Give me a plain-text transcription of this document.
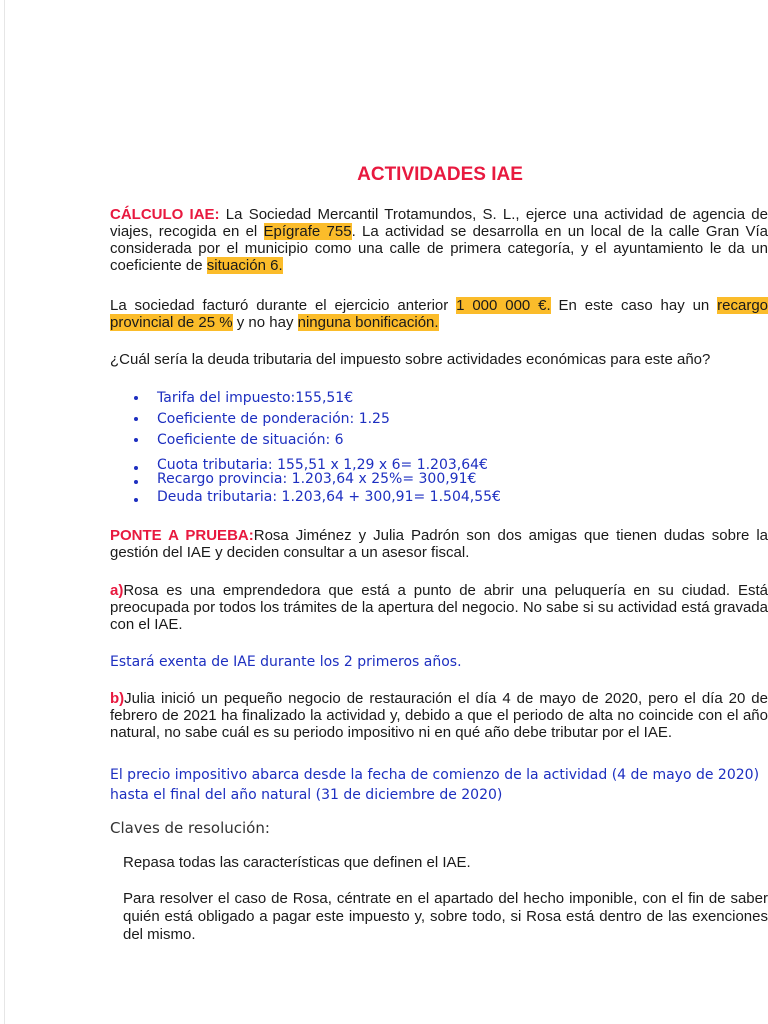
ACTIVIDADES IAE
CÁLCULO IAE: La Sociedad Mercantil Trotamundos, S. L., ejerce una actividad de agencia de viajes, recogida en el Epígrafe 755. La actividad se desarrolla en un local de la calle Gran Vía considerada por el municipio como una calle de primera categoría, y el ayuntamiento le da un coeficiente de situación 6.
La sociedad facturó durante el ejercicio anterior 1 000 000 €. En este caso hay un recargo provincial de 25 % y no hay ninguna bonificación.
¿Cuál sería la deuda tributaria del impuesto sobre actividades económicas para este año?
Tarifa del impuesto:155,51€
Coeficiente de ponderación: 1.25
Coeficiente de situación: 6
Cuota tributaria: 155,51 x 1,29 x 6= 1.203,64€
Recargo provincia: 1.203,64 x 25%= 300,91€
Deuda tributaria: 1.203,64 + 300,91= 1.504,55€
PONTE A PRUEBA:Rosa Jiménez y Julia Padrón son dos amigas que tienen dudas sobre la gestión del IAE y deciden consultar a un asesor fiscal.
a)Rosa es una emprendedora que está a punto de abrir una peluquería en su ciudad. Está preocupada por todos los trámites de la apertura del negocio. No sabe si su actividad está gravada con el IAE.
Estará exenta de IAE durante los 2 primeros años.
b)Julia inició un pequeño negocio de restauración el día 4 de mayo de 2020, pero el día 20 de febrero de 2021 ha finalizado la actividad y, debido a que el periodo de alta no coincide con el año natural, no sabe cuál es su periodo impositivo ni en qué año debe tributar por el IAE.
El precio impositivo abarca desde la fecha de comienzo de la actividad (4 de mayo de 2020) hasta el final del año natural (31 de diciembre de 2020)
Claves de resolución:
Repasa todas las características que definen el IAE.
Para resolver el caso de Rosa, céntrate en el apartado del hecho imponible, con el fin de saber quién está obligado a pagar este impuesto y, sobre todo, si Rosa está dentro de las exenciones del mismo.
